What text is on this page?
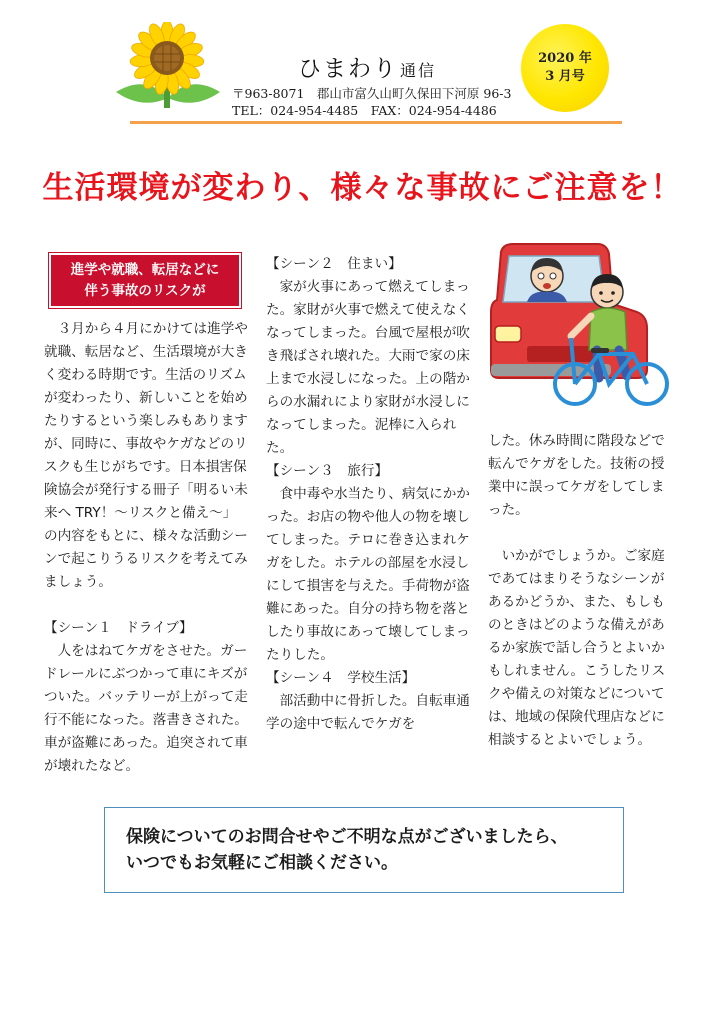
ひまわり 通信
〒963-8071　郡山市富久山町久保田下河原 96-3
TEL：024-954-4485　FAX：024-954-4486
2020 年
3 月号
生活環境が変わり、様々な事故にご注意を！
進学や就職、転居などに
伴う事故のリスクが

３月から４月にかけては進学や就職、転居など、生活環境が大きく変わる時期です。生活のリズムが変わったり、新しいことを始めたりするという楽しみもありますが、同時に、事故やケガなどのリスクも生じがちです。日本損害保険協会が発行する冊子「明るい未来へ TRY！～リスクと備え～」の内容をもとに、様々な活動シーンで起こりうるリスクを考えてみましょう。

【シーン１　ドライブ】

人をはねてケガをさせた。ガードレールにぶつかって車にキズがついた。バッテリーが上がって走行不能になった。落書きされた。車が盗難にあった。追突されて車が壊れたなど。

【シーン２　住まい】

家が火事にあって燃えてしまった。家財が火事で燃えて使えなくなってしまった。台風で屋根が吹き飛ばされ壊れた。大雨で家の床上まで水浸しになった。上の階からの水漏れにより家財が水浸しになってしまった。泥棒に入られた。

【シーン３　旅行】

食中毒や水当たり、病気にかかった。お店の物や他人の物を壊してしまった。テロに巻き込まれケガをした。ホテルの部屋を水浸しにして損害を与えた。手荷物が盗難にあった。自分の持ち物を落としたり事故にあって壊してしまったりした。

【シーン４　学校生活】

部活動中に骨折した。自転車通学の途中で転んでケガを

した。休み時間に階段などで転んでケガをした。技術の授業中に誤ってケガをしてしまった。

いかがでしょうか。ご家庭であてはまりそうなシーンがあるかどうか、また、もしものときはどのような備えがあるか家族で話し合うとよいかもしれません。こうしたリスクや備えの対策などについては、地域の保険代理店などに相談するとよいでしょう。

保険についてのお問合せやご不明な点がございましたら、
いつでもお気軽にご相談ください。
